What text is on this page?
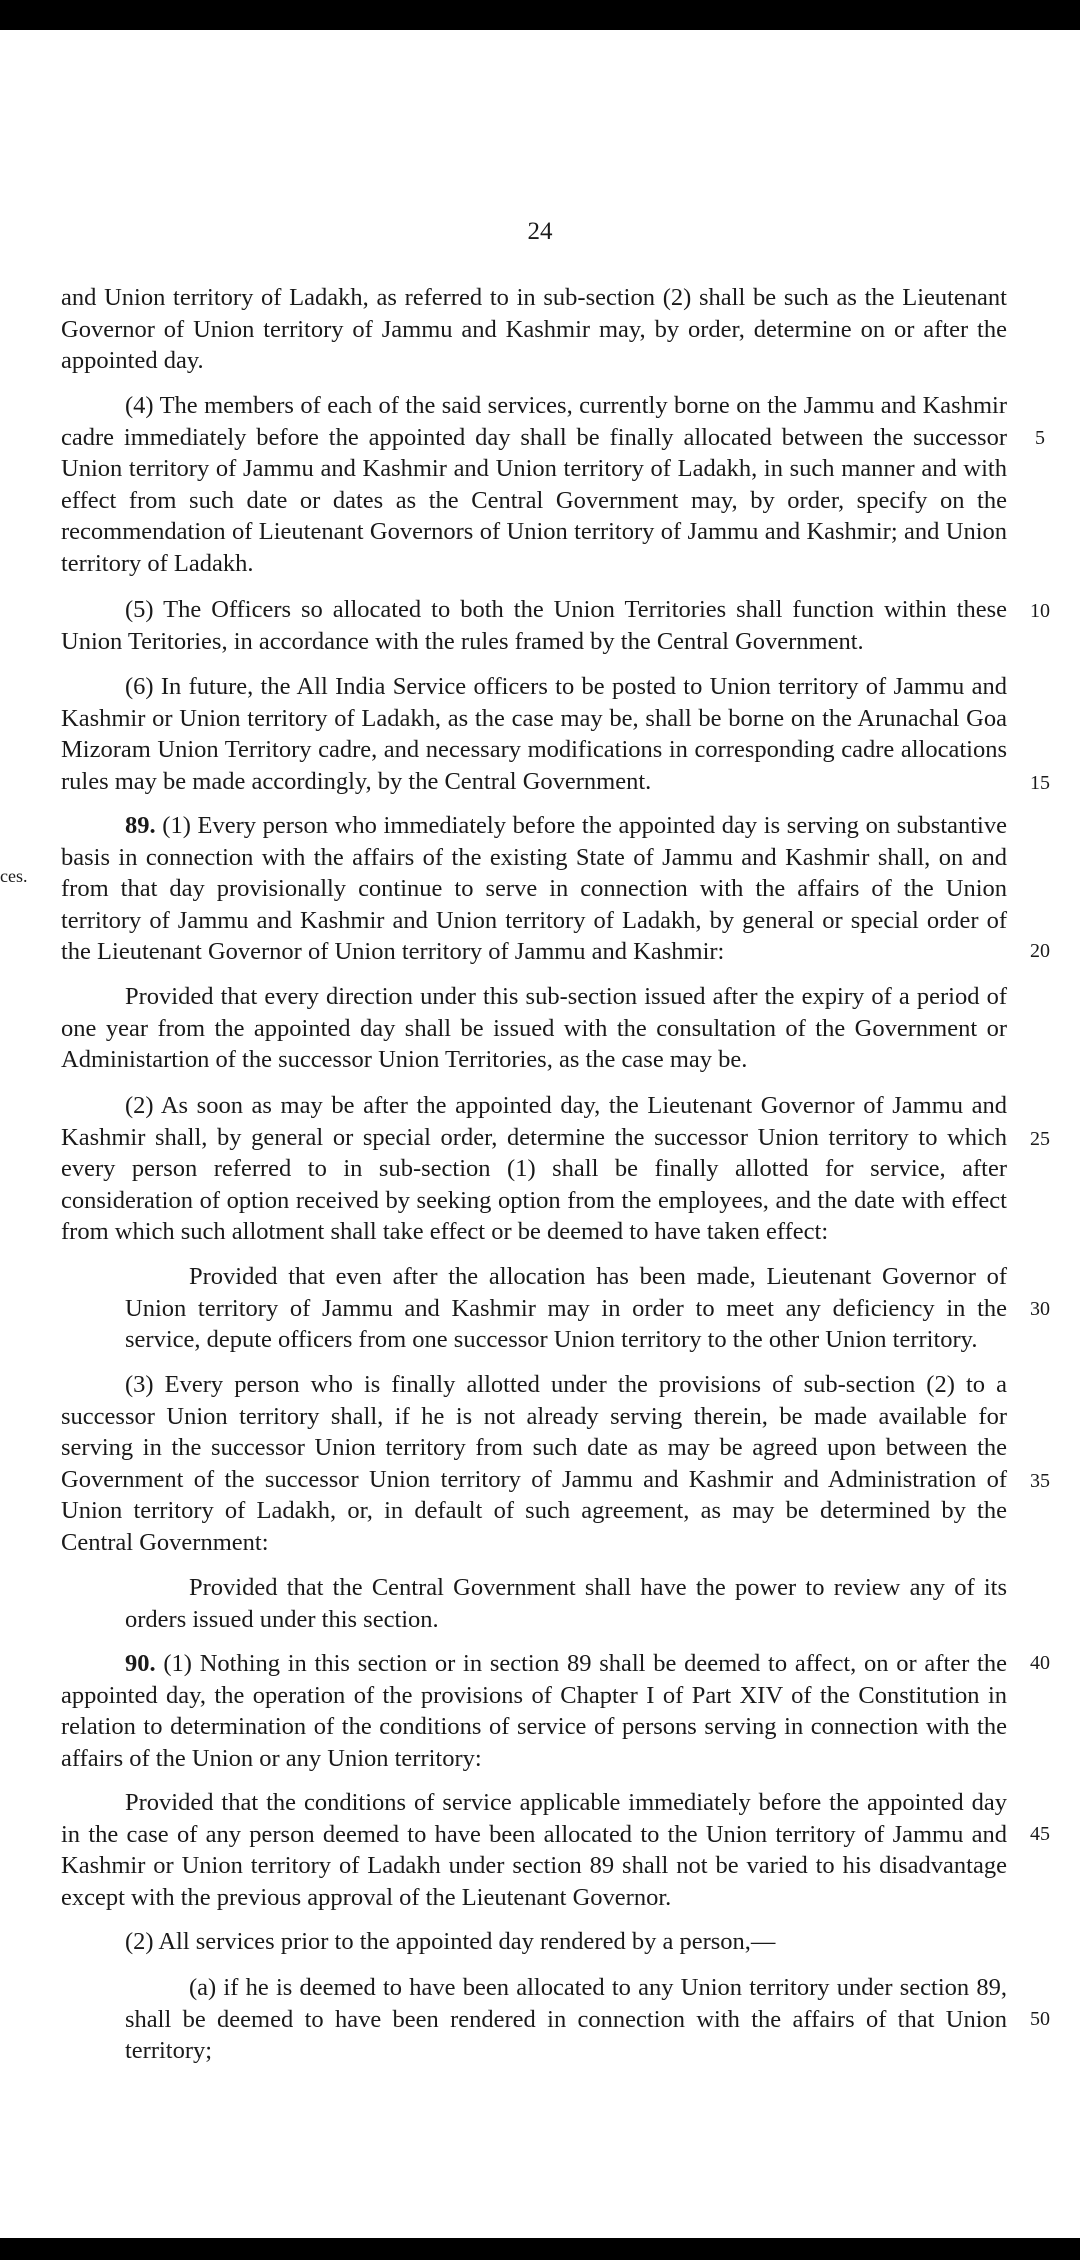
24
ces.
5
10
15
20
25
30
35
40
45
50

and Union territory of Ladakh, as referred to in sub-section (2) shall be such as the Lieutenant Governor of Union territory of Jammu and Kashmir may, by order, determine on or after the appointed day.

(4) The members of each of the said services, currently borne on the Jammu and Kashmir cadre immediately before the appointed day shall be finally allocated between the successor Union territory of Jammu and Kashmir and Union territory of Ladakh, in such manner and with effect from such date or dates as the Central Government may, by order, specify on the recommendation of Lieutenant Governors of Union territory of Jammu and Kashmir; and Union territory of Ladakh.

(5) The Officers so allocated to both the Union Territories shall function within these Union Teritories, in accordance with the rules framed by the Central Government.

(6) In future, the All India Service officers to be posted to Union territory of Jammu and Kashmir or Union territory of Ladakh, as the case may be, shall be borne on the Arunachal Goa Mizoram Union Territory cadre, and necessary modifications in corresponding cadre allocations rules may be made accordingly, by the Central Government.

89. (1) Every person who immediately before the appointed day is serving on substantive basis in connection with the affairs of the existing State of Jammu and Kashmir shall, on and from that day provisionally continue to serve in connection with the affairs of the Union territory of Jammu and Kashmir and Union territory of Ladakh, by general or special order of the Lieutenant Governor of Union territory of Jammu and Kashmir:

Provided that every direction under this sub-section issued after the expiry of a period of one year from the appointed day shall be issued with the consultation of the Government or Administartion of the successor Union Territories, as the case may be.

(2) As soon as may be after the appointed day, the Lieutenant Governor of Jammu and Kashmir shall, by general or special order, determine the successor Union territory to which every person referred to in sub-section (1) shall be finally allotted for service, after consideration of option received by seeking option from the employees, and the date with effect from which such allotment shall take effect or be deemed to have taken effect:

Provided that even after the allocation has been made, Lieutenant Governor of Union territory of Jammu and Kashmir may in order to meet any deficiency in the service, depute officers from one successor Union territory to the other Union territory.

(3) Every person who is finally allotted under the provisions of sub-section (2) to a successor Union territory shall, if he is not already serving therein, be made available for serving in the successor Union territory from such date as may be agreed upon between the Government of the successor Union territory of Jammu and Kashmir and Administration of Union territory of Ladakh, or, in default of such agreement, as may be determined by the Central Government:

Provided that the Central Government shall have the power to review any of its orders issued under this section.

90. (1) Nothing in this section or in section 89 shall be deemed to affect, on or after the appointed day, the operation of the provisions of Chapter I of Part XIV of the Constitution in relation to determination of the conditions of service of persons serving in connection with the affairs of the Union or any Union territory:

Provided that the conditions of service applicable immediately before the appointed day in the case of any person deemed to have been allocated to the Union territory of Jammu and Kashmir or Union territory of Ladakh under section 89 shall not be varied to his disadvantage except with the previous approval of the Lieutenant Governor.

(2) All services prior to the appointed day rendered by a person,—

(a) if he is deemed to have been allocated to any Union territory under section 89, shall be deemed to have been rendered in connection with the affairs of that Union territory;
